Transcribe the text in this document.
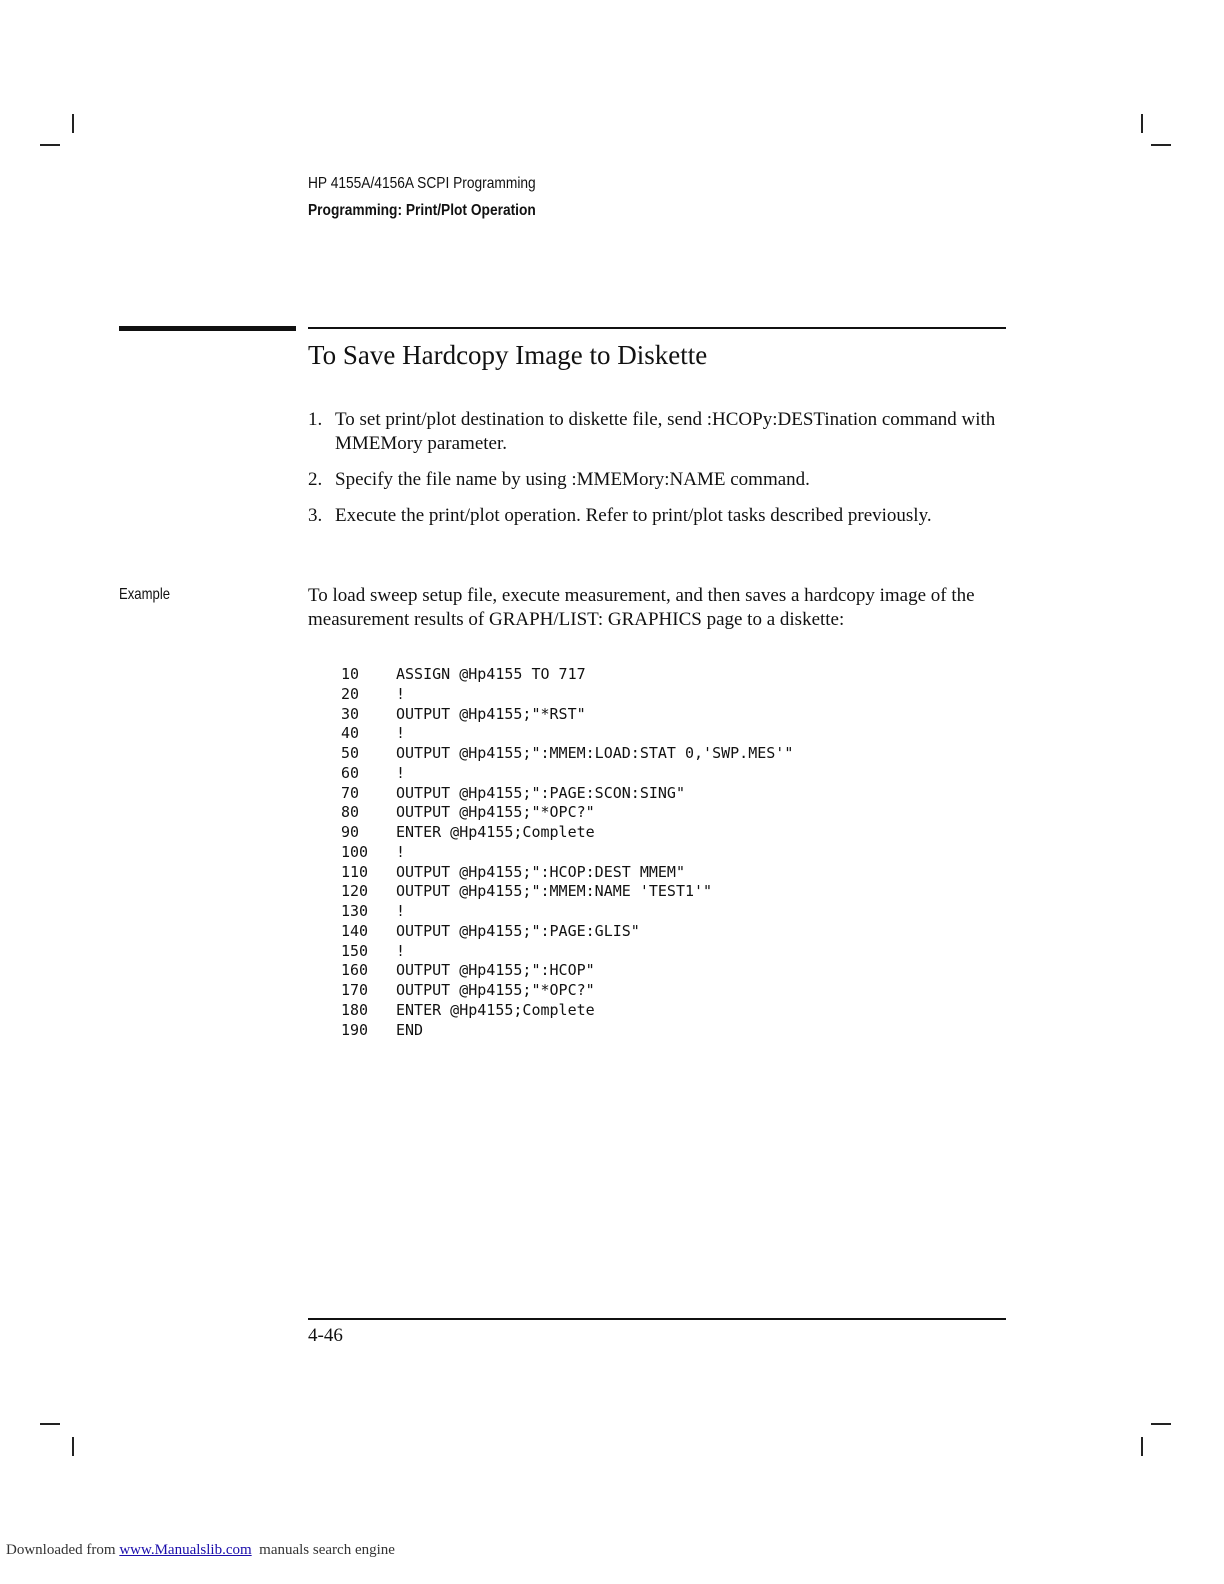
HP 4155A/4156A SCPI Programming
Programming: Print/Plot Operation
To Save Hardcopy Image to Diskette
1. To set print/plot destination to diskette file, send :HCOPy:DESTination command with MMEMory parameter.
2. Specify the file name by using :MMEMory:NAME command.
3. Execute the print/plot operation. Refer to print/plot tasks described previously.
Example	To load sweep setup file, execute measurement, and then saves a hardcopy image of the measurement results of GRAPH/LIST: GRAPHICS page to a diskette:
10	ASSIGN @Hp4155 TO 717
20	!
30	OUTPUT @Hp4155;"*RST"
40	!
50	OUTPUT @Hp4155;":MMEM:LOAD:STAT 0,'SWP.MES'"
60	!
70	OUTPUT @Hp4155;":PAGE:SCON:SING"
80	OUTPUT @Hp4155;"*OPC?"
90	ENTER @Hp4155;Complete
100	!
110	OUTPUT @Hp4155;":HCOP:DEST MMEM"
120	OUTPUT @Hp4155;":MMEM:NAME 'TEST1'"
130	!
140	OUTPUT @Hp4155;":PAGE:GLIS"
150	!
160	OUTPUT @Hp4155;":HCOP"
170	OUTPUT @Hp4155;"*OPC?"
180	ENTER @Hp4155;Complete
190	END
4-46
Downloaded from www.Manualslib.com  manuals search engine
